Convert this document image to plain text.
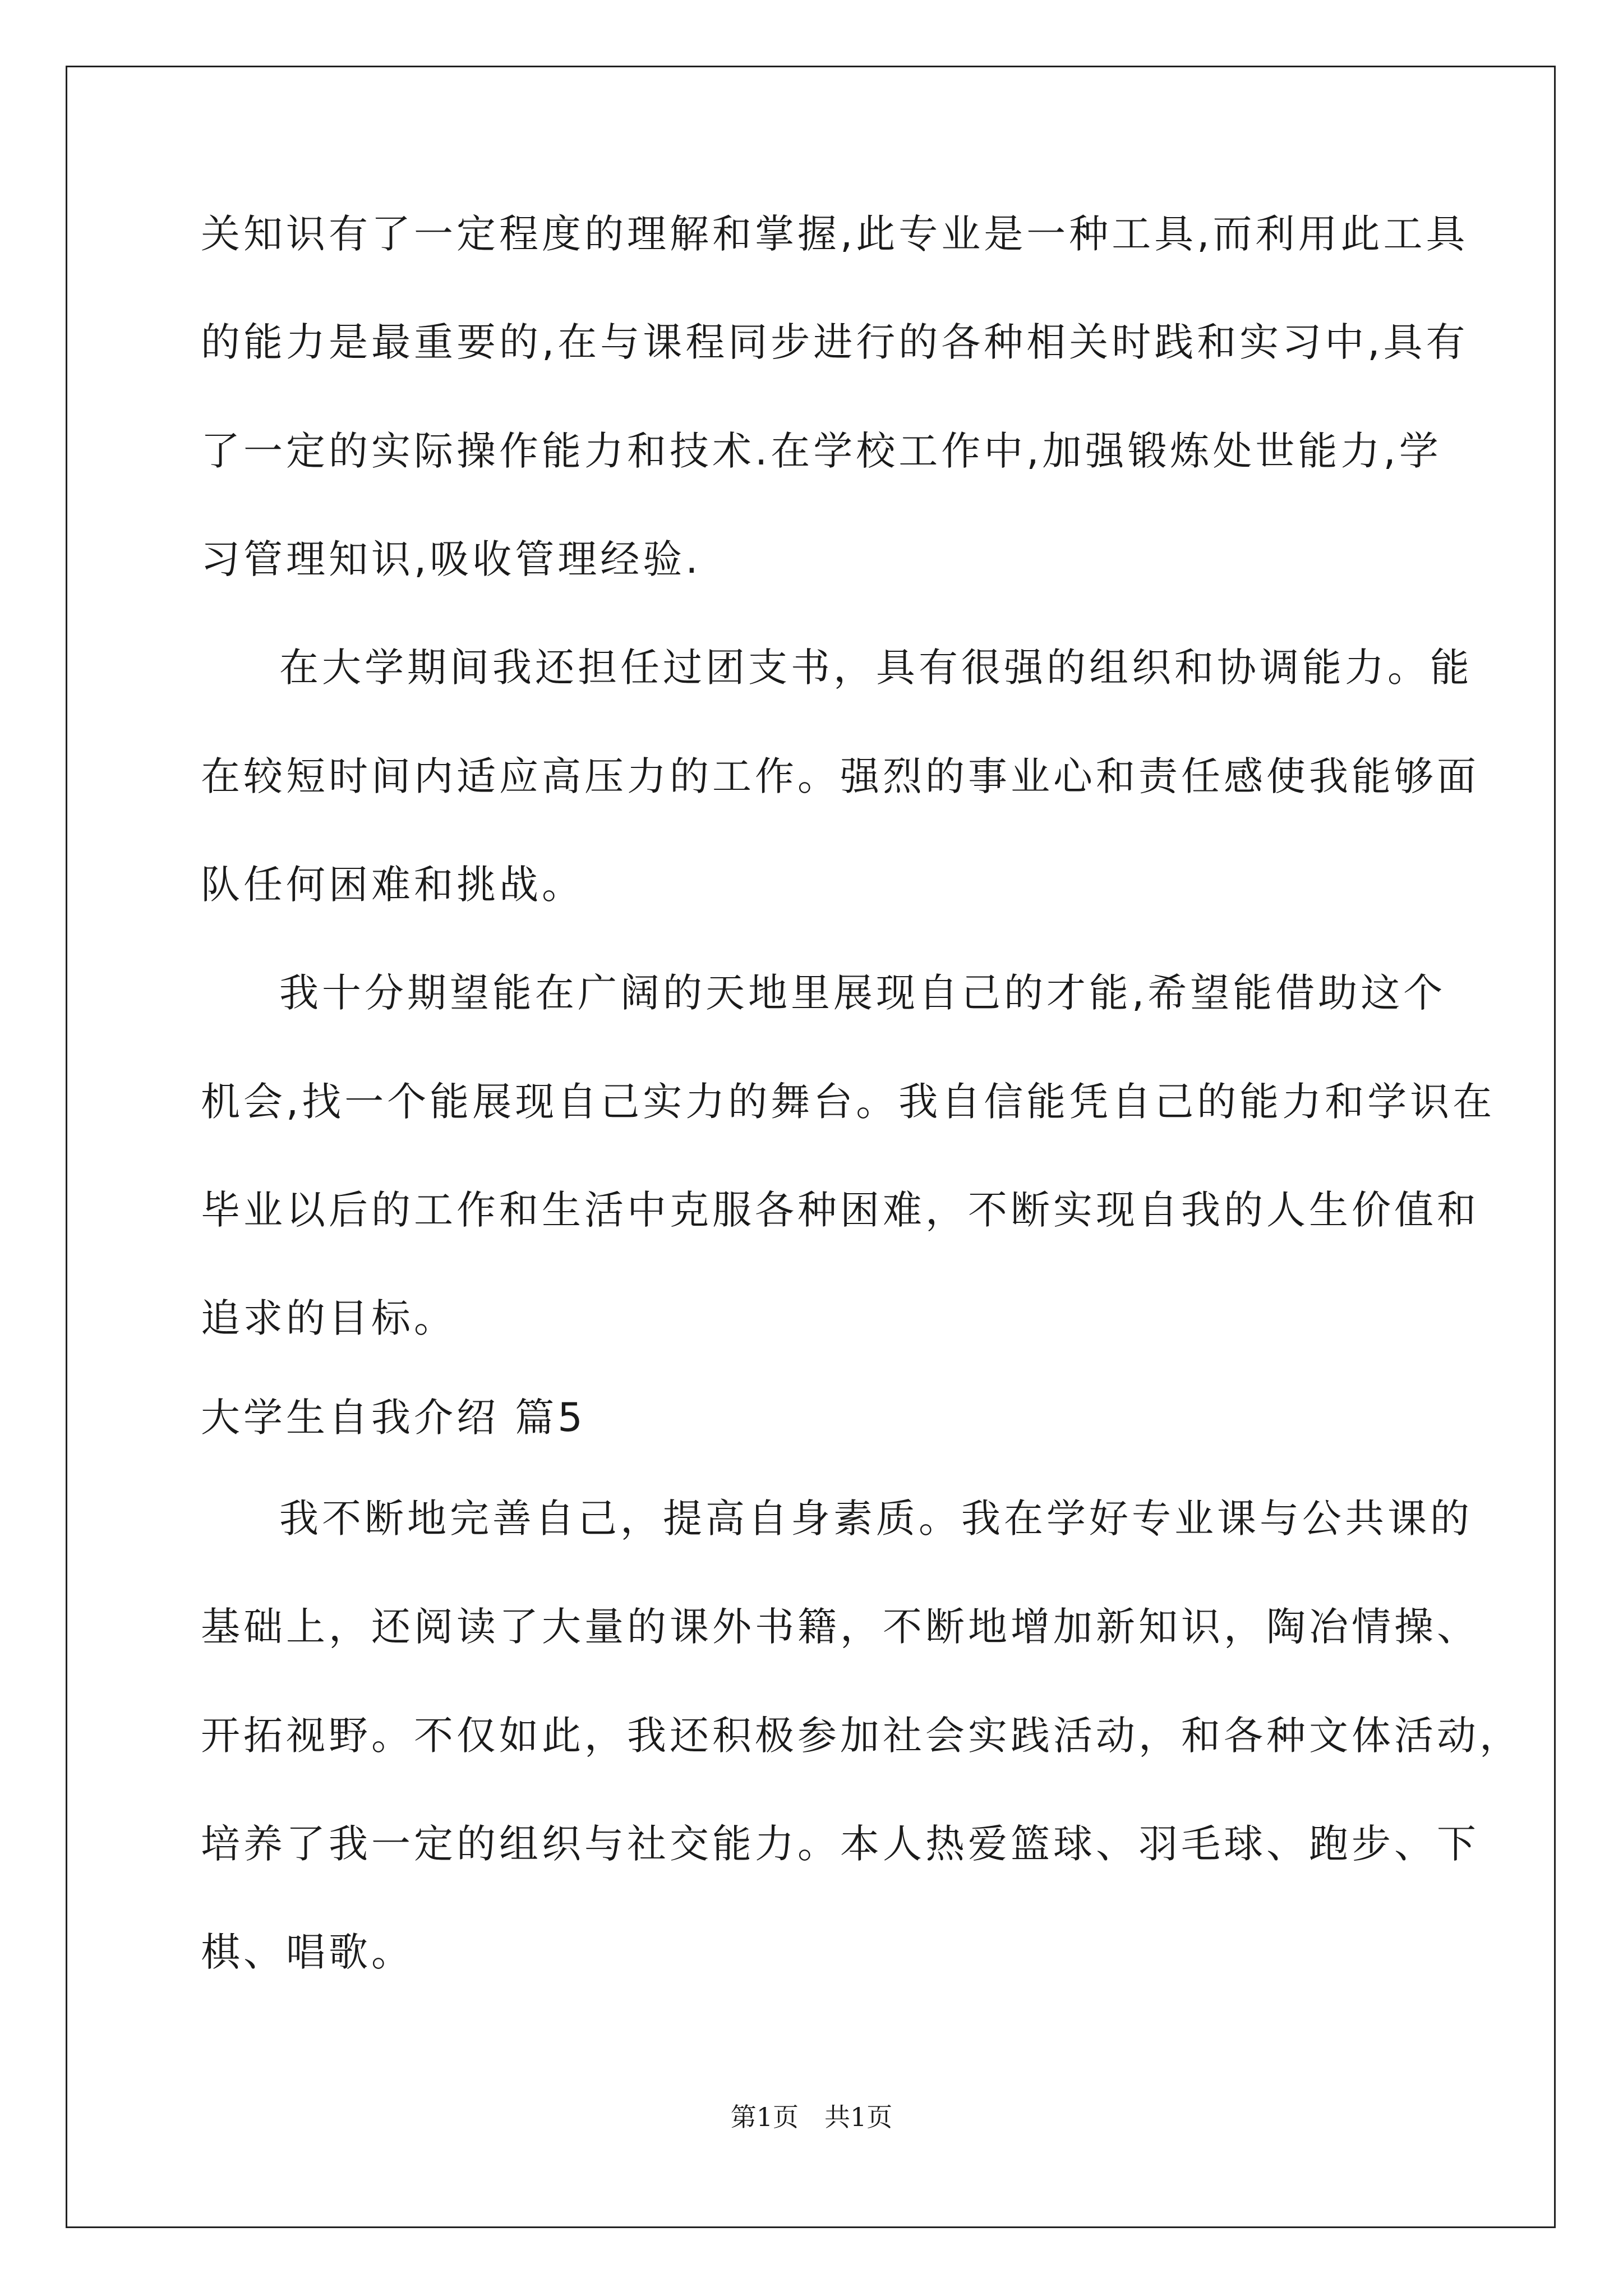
关知识有了一定程度的理解和掌握,此专业是一种工具,而利用此工具
的能力是最重要的,在与课程同步进行的各种相关时践和实习中,具有
了一定的实际操作能力和技术.在学校工作中,加强锻炼处世能力,学
习管理知识,吸收管理经验.
在大学期间我还担任过团支书，具有很强的组织和协调能力。能
在较短时间内适应高压力的工作。强烈的事业心和责任感使我能够面
队任何困难和挑战。
我十分期望能在广阔的天地里展现自己的才能,希望能借助这个
机会,找一个能展现自己实力的舞台。我自信能凭自己的能力和学识在
毕业以后的工作和生活中克服各种困难，不断实现自我的人生价值和
追求的目标。
大学生自我介绍 篇5
我不断地完善自己，提高自身素质。我在学好专业课与公共课的
基础上，还阅读了大量的课外书籍，不断地增加新知识，陶冶情操、
开拓视野。不仅如此，我还积极参加社会实践活动，和各种文体活动，
培养了我一定的组织与社交能力。本人热爱篮球、羽毛球、跑步、下
棋、唱歌。
第1页　共1页
